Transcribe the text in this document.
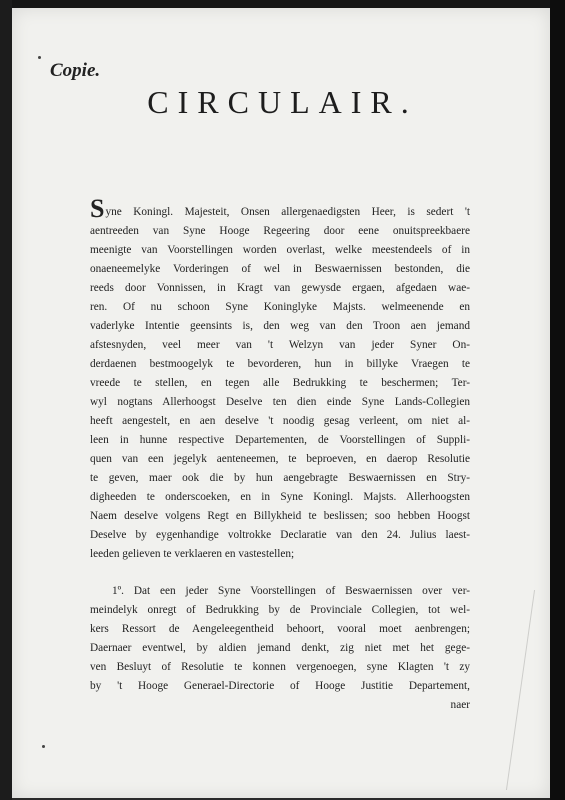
Copie.
CIRCULAIR.
Syne Koningl. Majesteit, Onsen allergenaedigsten Heer, is sedert 't
aentreeden van Syne Hooge Regeering door eene onuitspreekbaere
meenigte van Voorstellingen worden overlast, welke meestendeels of in
onaeneemelyke Vorderingen of wel in Beswaernissen bestonden, die
reeds door Vonnissen, in Kragt van gewysde ergaen, afgedaen wae-
ren. Of nu schoon Syne Koninglyke Majsts. welmeenende en
vaderlyke Intentie geensints is, den weg van den Troon aen jemand
afstesnyden, veel meer van 't Welzyn van jeder Syner On-
derdaenen bestmoogelyk te bevorderen, hun in billyke Vraegen te
vreede te stellen, en tegen alle Bedrukking te beschermen; Ter-
wyl nogtans Allerhoogst Deselve ten dien einde Syne Lands-Collegien
heeft aengestelt, en aen deselve 't noodig gesag verleent, om niet al-
leen in hunne respective Departementen, de Voorstellingen of Suppli-
quen van een jegelyk aenteneemen, te beproeven, en daerop Resolutie
te geven, maer ook die by hun aengebragte Beswaernissen en Stry-
digheeden te onderscoeken, en in Syne Koningl. Majsts. Allerhoogsten
Naem deselve volgens Regt en Billykheid te beslissen; soo hebben Hoogst
Deselve by eygenhandige voltrokke Declaratie van den 24. Julius laest-
leeden gelieven te verklaeren en vastestellen;
1º. Dat een jeder Syne Voorstellingen of Beswaernissen over ver-
meindelyk onregt of Bedrukking by de Provinciale Collegien, tot wel-
kers Ressort de Aengeleegentheid behoort, vooral moet aenbrengen;
Daernaer eventwel, by aldien jemand denkt, zig niet met het gege-
ven Besluyt of Resolutie te konnen vergenoegen, syne Klagten 't zy
by 't Hooge Generael-Directorie of Hooge Justitie Departement,
naer
